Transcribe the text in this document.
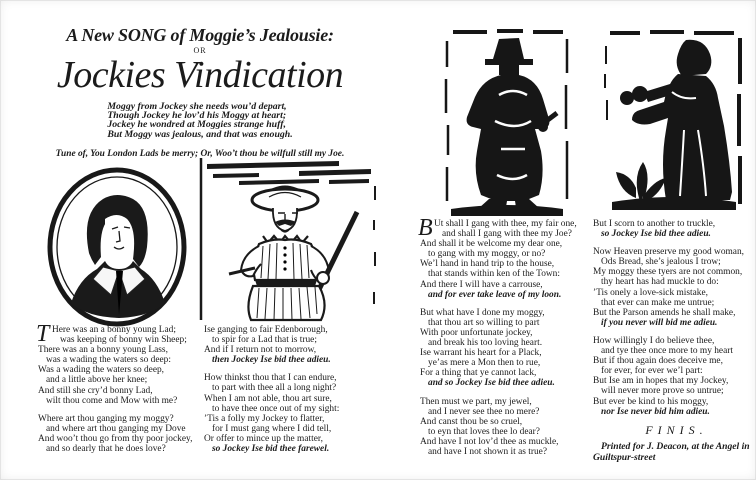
A New SONG of Moggie’s Jealousie:
OR
Jockies Vindication
Moggy from Jockey she needs wou’d depart,
Though Jockey he lov’d his Moggy at heart;
Jockey he wondred at Moggies strange huff,
But Moggy was jealous, and that was enough.
Tune of, You London Lads be merry; Or, Woo’t thou be wilfull still my Joe.
T Here was an a bonny young Lad;
was keeping of bonny win Sheep;
There was an a bonny young Lass,
was a wading the waters so deep:
Was a wading the waters so deep,
and a little above her knee;
And still she cry’d bonny Lad,
wilt thou come and Mow with me?
Where art thou ganging my moggy?
and where art thou ganging my Dove
And woo’t thou go from thy poor jockey,
and so dearly that he does love?
Ise ganging to fair Edenborough,
to spir for a Lad that is true;
And if I return not to morrow,
then Jockey Ise bid thee adieu.
How thinkst thou that I can endure,
to part with thee all a long night?
When I am not able, thou art sure,
to have thee once out of my sight:
’Tis a folly my Jockey to flatter,
for I must gang where I did tell,
Or offer to mince up the matter,
so Jockey Ise bid thee farewel.
B Ut shall I gang with thee, my fair one,
and shall I gang with thee my Joe?
And shall it be welcome my dear one,
to gang with my moggy, or no?
We’l hand in hand trip to the house,
that stands within ken of the Town:
And there I will have a carrouse,
and for ever take leave of my loon.
But what have I done my moggy,
that thou art so willing to part
With poor unfortunate jockey,
and break his too loving heart.
Ise warrant his heart for a Plack,
ye’as mere a Mon then to rue,
For a thing that ye cannot lack,
and so Jockey Ise bid thee adieu.
Then must we part, my jewel,
and I never see thee no mere?
And canst thou be so cruel,
to eyn that loves thee lo dear?
And have I not lov’d thee as muckle,
and have I not shown it as true?
But I scorn to another to truckle,
so Jockey Ise bid thee adieu.
Now Heaven preserve my good woman,
Ods Bread, she’s jealous I trow;
My moggy these tyers are not common,
thy heart has had muckle to do:
’Tis onely a love-sick mistake,
that ever can make me untrue;
But the Parson amends he shall make,
if you never will bid me adieu.
How willingly I do believe thee,
and tye thee once more to my heart
But if thou again does deceive me,
for ever, for ever we’l part:
But Ise am in hopes that my Jockey,
will never more prove so untrue;
But ever be kind to his moggy,
nor Ise never bid him adieu.
F I N I S .
Printed for J. Deacon, at the Angel in
Guiltspur-street
